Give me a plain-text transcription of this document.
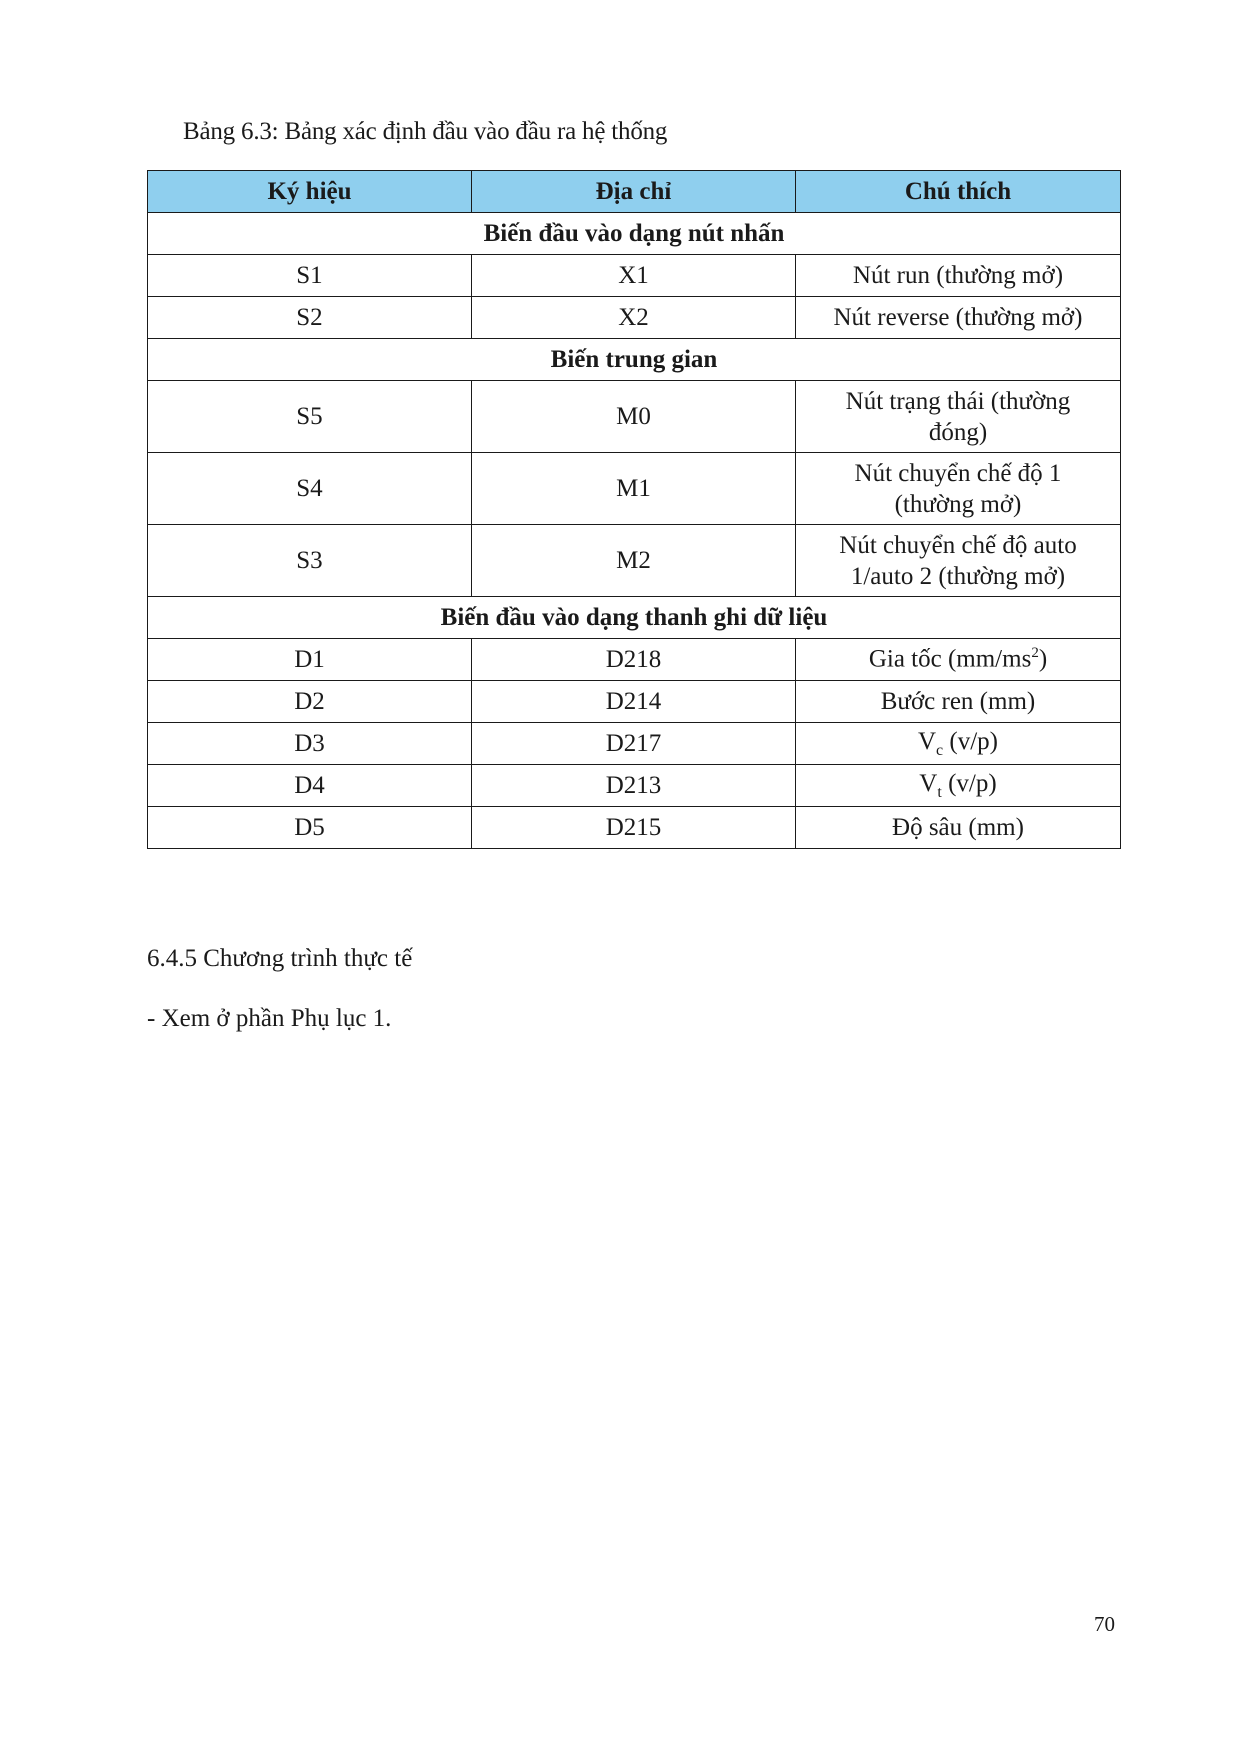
Bảng 6.3: Bảng xác định đầu vào đầu ra hệ thống
Ký hiệu	Địa chỉ	Chú thích
Biến đầu vào dạng nút nhấn		
S1	X1	Nút run (thường mở)
S2	X2	Nút reverse (thường mở)
Biến trung gian		
S5	M0	Nút trạng thái (thường đóng)
S4	M1	Nút chuyển chế độ 1 (thường mở)
S3	M2	Nút chuyển chế độ auto 1/auto 2 (thường mở)
Biến đầu vào dạng thanh ghi dữ liệu		
D1	D218	Gia tốc $(mm/ms^2)$
D2	D214	Bước ren (mm)
D3	D217	$V_c$ (v/p)
D4	D213	$V_t$ (v/p)
D5	D215	Độ sâu (mm)
6.4.5 Chương trình thực tế
- Xem ở phần Phụ lục 1.
70
